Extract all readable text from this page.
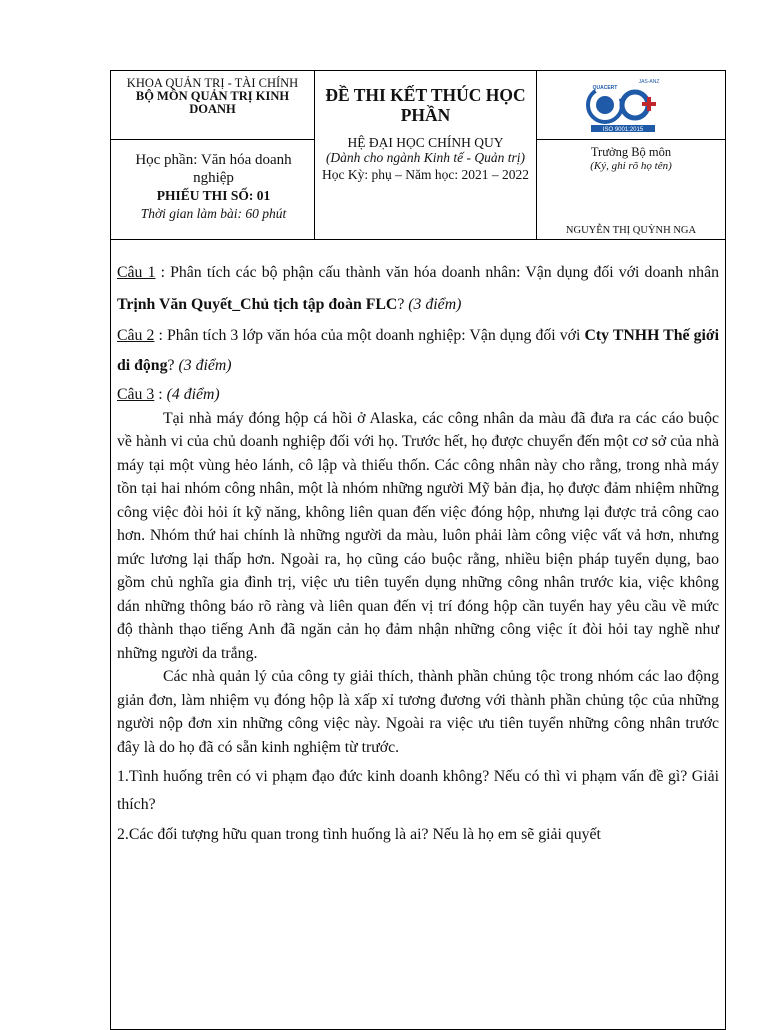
KHOA QUẢN TRỊ - TÀI CHÍNH
BỘ MÔN QUẢN TRỊ KINH DOANH
Học phần: Văn hóa doanh nghiệp
PHIẾU THI SỐ: 01
Thời gian làm bài: 60 phút
ĐỀ THI KẾT THÚC HỌC PHẦN
HỆ ĐẠI HỌC CHÍNH QUY
(Dành cho ngành Kinh tế - Quản trị)
Học Kỳ: phụ – Năm học: 2021 – 2022
ISO 9001:2015
QUACERT
JAS-ANZ
Trưởng Bộ môn
(Ký, ghi rõ họ tên)
NGUYỄN THỊ QUỲNH NGA

Câu 1 : Phân tích các bộ phận cấu thành văn hóa doanh nhân: Vận dụng đối với doanh nhân Trịnh Văn Quyết_Chủ tịch tập đoàn FLC? (3 điểm)

Câu 2 : Phân tích 3 lớp văn hóa của một doanh nghiệp: Vận dụng đối với Cty TNHH Thế giới di động? (3 điểm)

Câu 3 : (4 điểm)

Tại nhà máy đóng hộp cá hồi ở Alaska, các công nhân da màu đã đưa ra các cáo buộc về hành vi của chủ doanh nghiệp đối với họ. Trước hết, họ được chuyển đến một cơ sở của nhà máy tại một vùng hẻo lánh, cô lập và thiếu thốn. Các công nhân này cho rằng, trong nhà máy tồn tại hai nhóm công nhân, một là nhóm những người Mỹ bản địa, họ được đảm nhiệm những công việc đòi hỏi ít kỹ năng, không liên quan đến việc đóng hộp, nhưng lại được trả công cao hơn. Nhóm thứ hai chính là những người da màu, luôn phải làm công việc vất vả hơn, nhưng mức lương lại thấp hơn. Ngoài ra, họ cũng cáo buộc rằng, nhiều biện pháp tuyển dụng, bao gồm chủ nghĩa gia đình trị, việc ưu tiên tuyển dụng những công nhân trước kia, việc không dán những thông báo rõ ràng và liên quan đến vị trí đóng hộp cần tuyển hay yêu cầu về mức độ thành thạo tiếng Anh đã ngăn cản họ đảm nhận những công việc ít đòi hỏi tay nghề như những người da trắng.

Các nhà quản lý của công ty giải thích, thành phần chủng tộc trong nhóm các lao động giản đơn, làm nhiệm vụ đóng hộp là xấp xỉ tương đương với thành phần chủng tộc của những người nộp đơn xin những công việc này. Ngoài ra việc ưu tiên tuyển những công nhân trước đây là do họ đã có sẵn kinh nghiệm từ trước.

1.Tình huống trên có vi phạm đạo đức kinh doanh không? Nếu có thì vi phạm vấn đề gì? Giải thích?

2.Các đối tượng hữu quan trong tình huống là ai? Nếu là họ em sẽ giải quyết
